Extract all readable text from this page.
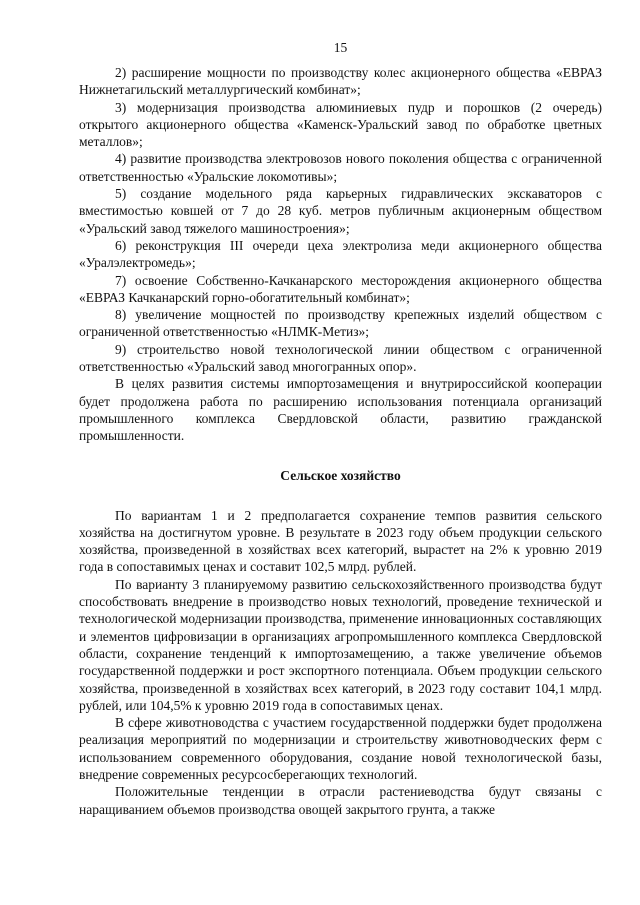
15

2) расширение мощности по производству колес акционерного общества «ЕВРАЗ Нижнетагильский металлургический комбинат»;

3) модернизация производства алюминиевых пудр и порошков (2 очередь) открытого акционерного общества «Каменск-Уральский завод по обработке цветных металлов»;

4) развитие производства электровозов нового поколения общества с ограниченной ответственностью «Уральские локомотивы»;

5) создание модельного ряда карьерных гидравлических экскаваторов с вместимостью ковшей от 7 до 28 куб. метров публичным акционерным обществом «Уральский завод тяжелого машиностроения»;

6) реконструкция III очереди цеха электролиза меди акционерного общества «Уралэлектромедь»;

7) освоение Собственно-Качканарского месторождения акционерного общества «ЕВРАЗ Качканарский горно-обогатительный комбинат»;

8) увеличение мощностей по производству крепежных изделий обществом с ограниченной ответственностью «НЛМК-Метиз»;

9) строительство новой технологической линии обществом с ограниченной ответственностью «Уральский завод многогранных опор».

В целях развития системы импортозамещения и внутрироссийской кооперации будет продолжена работа по расширению использования потенциала организаций промышленного комплекса Свердловской области, развитию гражданской промышленности.

Сельское хозяйство

По вариантам 1 и 2 предполагается сохранение темпов развития сельского хозяйства на достигнутом уровне. В результате в 2023 году объем продукции сельского хозяйства, произведенной в хозяйствах всех категорий, вырастет на 2% к уровню 2019 года в сопоставимых ценах и составит 102,5 млрд. рублей.

По варианту 3 планируемому развитию сельскохозяйственного производства будут способствовать внедрение в производство новых технологий, проведение технической и технологической модернизации производства, применение инновационных составляющих и элементов цифровизации в организациях агропромышленного комплекса Свердловской области, сохранение тенденций к импортозамещению, а также увеличение объемов государственной поддержки и рост экспортного потенциала. Объем продукции сельского хозяйства, произведенной в хозяйствах всех категорий, в 2023 году составит 104,1 млрд. рублей, или 104,5% к уровню 2019 года в сопоставимых ценах.

В сфере животноводства с участием государственной поддержки будет продолжена реализация мероприятий по модернизации и строительству животноводческих ферм с использованием современного оборудования, создание новой технологической базы, внедрение современных ресурсосберегающих технологий.

Положительные тенденции в отрасли растениеводства будут связаны с наращиванием объемов производства овощей закрытого грунта, а также
